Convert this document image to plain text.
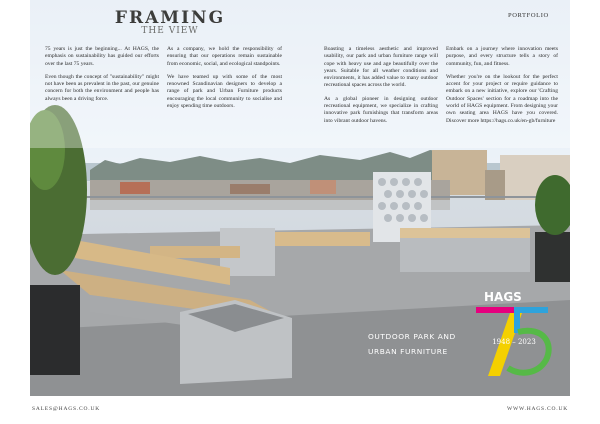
FRAMING
THE VIEW
PORTFOLIO

75 years is just the beginning... At HAGS, the emphasis on sustainability has guided our efforts over the last 75 years.

Even though the concept of "sustainability" might not have been as prevalent in the past, our genuine concern for both the environment and people has always been a driving force.

As a company, we hold the responsibility of ensuring that our operations remain sustainable from economic, social, and ecological standpoints.

We have teamed up with some of the most renowned Scandinavian designers to develop a range of park and Urban Furniture products encouraging the local community to socialise and enjoy spending time outdoors.

Boasting a timeless aesthetic and improved usability, our park and urban furniture range will cope with heavy use and age beautifully over the years. Suitable for all weather conditions and environments, it has added value to many outdoor recreational spaces across the world.

As a global pioneer in designing outdoor recreational equipment, we specialize in crafting innovative park furnishings that transform areas into vibrant outdoor havens.

Embark on a journey where innovation meets purpose, and every structure tells a story of community, fun, and fitness.

Whether you're on the lookout for the perfect accent for your project or require guidance to embark on a new initiative, explore our 'Crafting Outdoor Spaces' section for a roadmap into the world of HAGS equipment. From designing your own seating area HAGS have you covered. Discover more https://hags.co.uk/en-gb/furniture

OUTDOOR PARK AND
URBAN FURNITURE
HAGS
1948 – 2023
SALES@HAGS.CO.UK	WWW.HAGS.CO.UK
